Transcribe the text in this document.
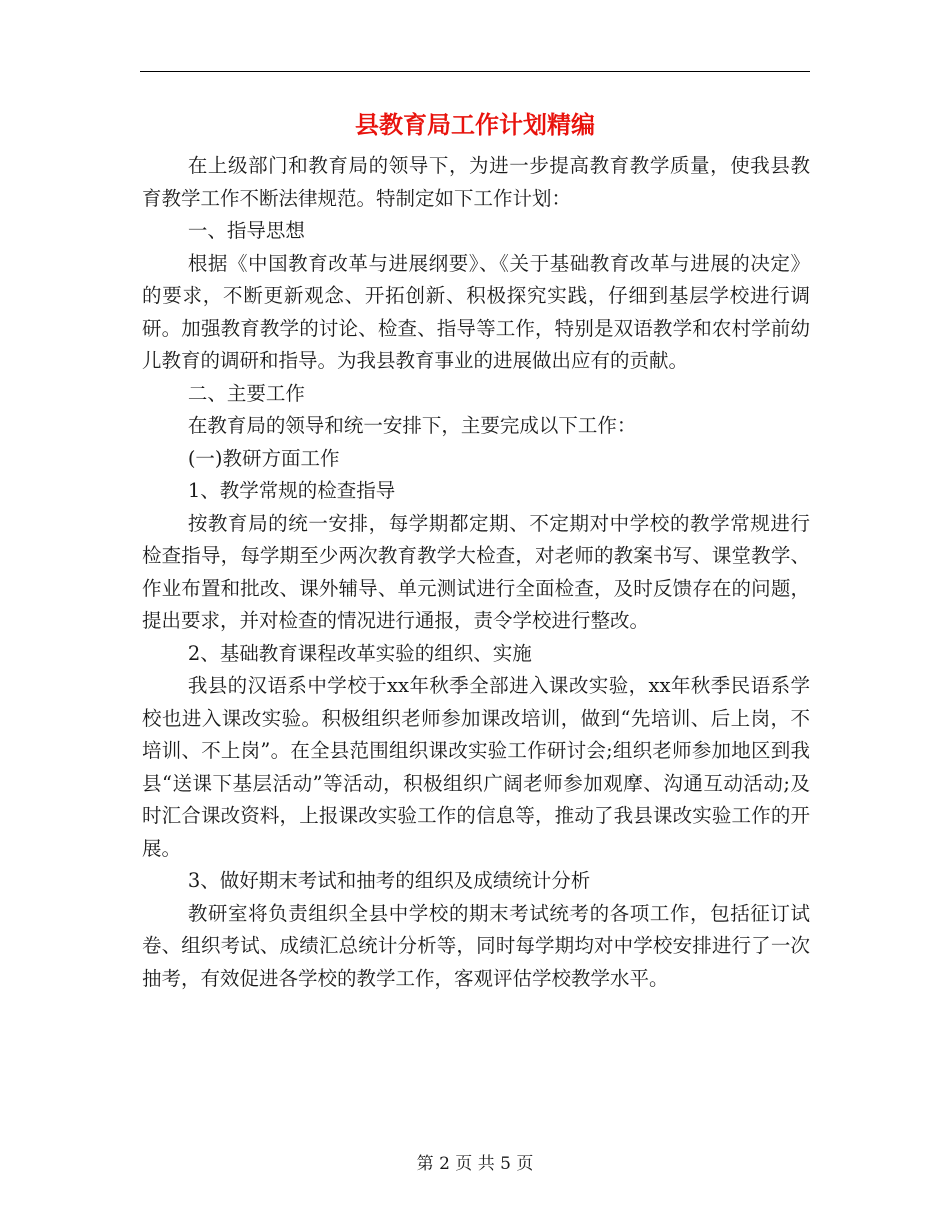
县教育局工作计划精编

在上级部门和教育局的领导下，为进一步提高教育教学质量，使我县教育教学工作不断法律规范。特制定如下工作计划：

一、指导思想

根据《中国教育改革与进展纲要》、《关于基础教育改革与进展的决定》的要求，不断更新观念、开拓创新、积极探究实践，仔细到基层学校进行调研。加强教育教学的讨论、检查、指导等工作，特别是双语教学和农村学前幼儿教育的调研和指导。为我县教育事业的进展做出应有的贡献。

二、主要工作

在教育局的领导和统一安排下，主要完成以下工作：

(一)教研方面工作

1、教学常规的检查指导

按教育局的统一安排，每学期都定期、不定期对中学校的教学常规进行检查指导，每学期至少两次教育教学大检查，对老师的教案书写、课堂教学、作业布置和批改、课外辅导、单元测试进行全面检查，及时反馈存在的问题，提出要求，并对检查的情况进行通报，责令学校进行整改。

2、基础教育课程改革实验的组织、实施

我县的汉语系中学校于xx年秋季全部进入课改实验，xx年秋季民语系学校也进入课改实验。积极组织老师参加课改培训，做到“先培训、后上岗，不培训、不上岗”。在全县范围组织课改实验工作研讨会;组织老师参加地区到我县“送课下基层活动”等活动，积极组织广阔老师参加观摩、沟通互动活动;及时汇合课改资料，上报课改实验工作的信息等，推动了我县课改实验工作的开展。

3、做好期末考试和抽考的组织及成绩统计分析

教研室将负责组织全县中学校的期末考试统考的各项工作，包括征订试卷、组织考试、成绩汇总统计分析等，同时每学期均对中学校安排进行了一次抽考，有效促进各学校的教学工作，客观评估学校教学水平。

第 2 页 共 5 页
